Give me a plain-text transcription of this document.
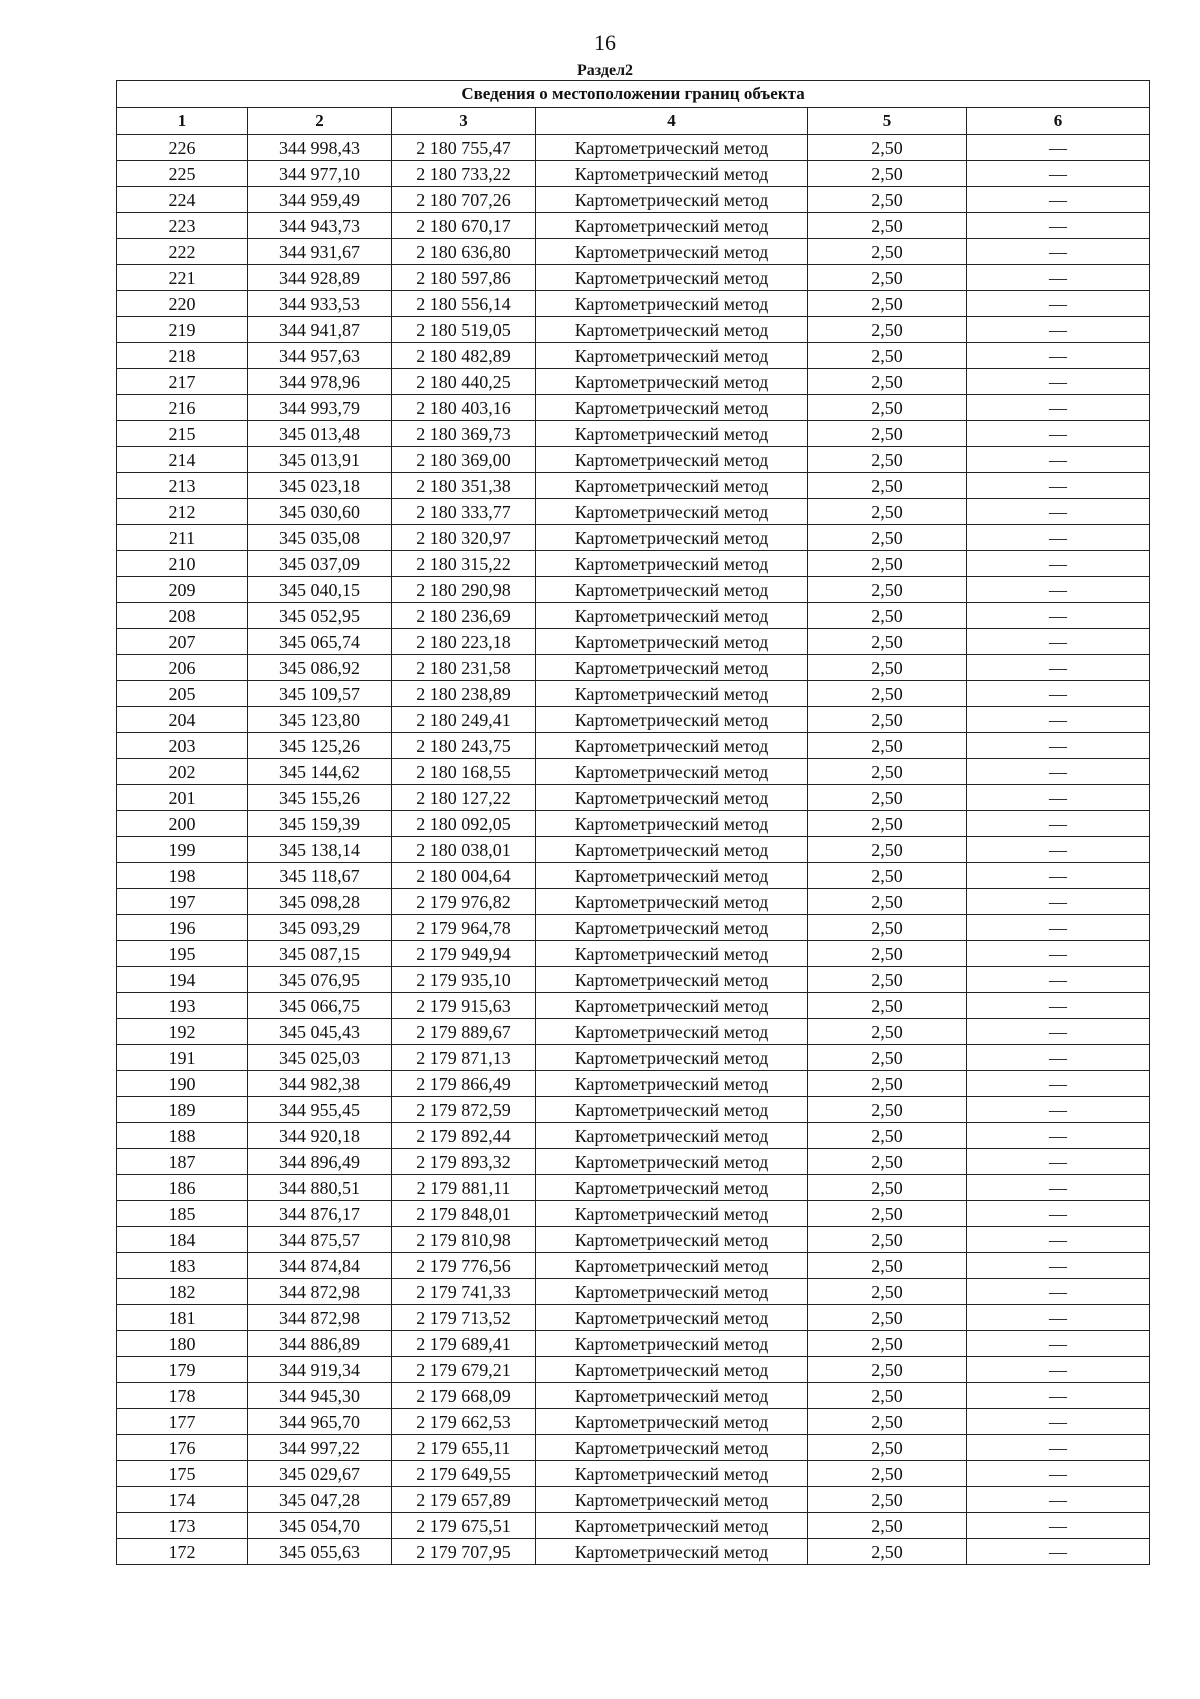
16
Раздел2
Сведения о местоположении границ объекта					
1	2	3	4	5	6
226	344 998,43	2 180 755,47	Картометрический метод	2,50	—
225	344 977,10	2 180 733,22	Картометрический метод	2,50	—
224	344 959,49	2 180 707,26	Картометрический метод	2,50	—
223	344 943,73	2 180 670,17	Картометрический метод	2,50	—
222	344 931,67	2 180 636,80	Картометрический метод	2,50	—
221	344 928,89	2 180 597,86	Картометрический метод	2,50	—
220	344 933,53	2 180 556,14	Картометрический метод	2,50	—
219	344 941,87	2 180 519,05	Картометрический метод	2,50	—
218	344 957,63	2 180 482,89	Картометрический метод	2,50	—
217	344 978,96	2 180 440,25	Картометрический метод	2,50	—
216	344 993,79	2 180 403,16	Картометрический метод	2,50	—
215	345 013,48	2 180 369,73	Картометрический метод	2,50	—
214	345 013,91	2 180 369,00	Картометрический метод	2,50	—
213	345 023,18	2 180 351,38	Картометрический метод	2,50	—
212	345 030,60	2 180 333,77	Картометрический метод	2,50	—
211	345 035,08	2 180 320,97	Картометрический метод	2,50	—
210	345 037,09	2 180 315,22	Картометрический метод	2,50	—
209	345 040,15	2 180 290,98	Картометрический метод	2,50	—
208	345 052,95	2 180 236,69	Картометрический метод	2,50	—
207	345 065,74	2 180 223,18	Картометрический метод	2,50	—
206	345 086,92	2 180 231,58	Картометрический метод	2,50	—
205	345 109,57	2 180 238,89	Картометрический метод	2,50	—
204	345 123,80	2 180 249,41	Картометрический метод	2,50	—
203	345 125,26	2 180 243,75	Картометрический метод	2,50	—
202	345 144,62	2 180 168,55	Картометрический метод	2,50	—
201	345 155,26	2 180 127,22	Картометрический метод	2,50	—
200	345 159,39	2 180 092,05	Картометрический метод	2,50	—
199	345 138,14	2 180 038,01	Картометрический метод	2,50	—
198	345 118,67	2 180 004,64	Картометрический метод	2,50	—
197	345 098,28	2 179 976,82	Картометрический метод	2,50	—
196	345 093,29	2 179 964,78	Картометрический метод	2,50	—
195	345 087,15	2 179 949,94	Картометрический метод	2,50	—
194	345 076,95	2 179 935,10	Картометрический метод	2,50	—
193	345 066,75	2 179 915,63	Картометрический метод	2,50	—
192	345 045,43	2 179 889,67	Картометрический метод	2,50	—
191	345 025,03	2 179 871,13	Картометрический метод	2,50	—
190	344 982,38	2 179 866,49	Картометрический метод	2,50	—
189	344 955,45	2 179 872,59	Картометрический метод	2,50	—
188	344 920,18	2 179 892,44	Картометрический метод	2,50	—
187	344 896,49	2 179 893,32	Картометрический метод	2,50	—
186	344 880,51	2 179 881,11	Картометрический метод	2,50	—
185	344 876,17	2 179 848,01	Картометрический метод	2,50	—
184	344 875,57	2 179 810,98	Картометрический метод	2,50	—
183	344 874,84	2 179 776,56	Картометрический метод	2,50	—
182	344 872,98	2 179 741,33	Картометрический метод	2,50	—
181	344 872,98	2 179 713,52	Картометрический метод	2,50	—
180	344 886,89	2 179 689,41	Картометрический метод	2,50	—
179	344 919,34	2 179 679,21	Картометрический метод	2,50	—
178	344 945,30	2 179 668,09	Картометрический метод	2,50	—
177	344 965,70	2 179 662,53	Картометрический метод	2,50	—
176	344 997,22	2 179 655,11	Картометрический метод	2,50	—
175	345 029,67	2 179 649,55	Картометрический метод	2,50	—
174	345 047,28	2 179 657,89	Картометрический метод	2,50	—
173	345 054,70	2 179 675,51	Картометрический метод	2,50	—
172	345 055,63	2 179 707,95	Картометрический метод	2,50	—
